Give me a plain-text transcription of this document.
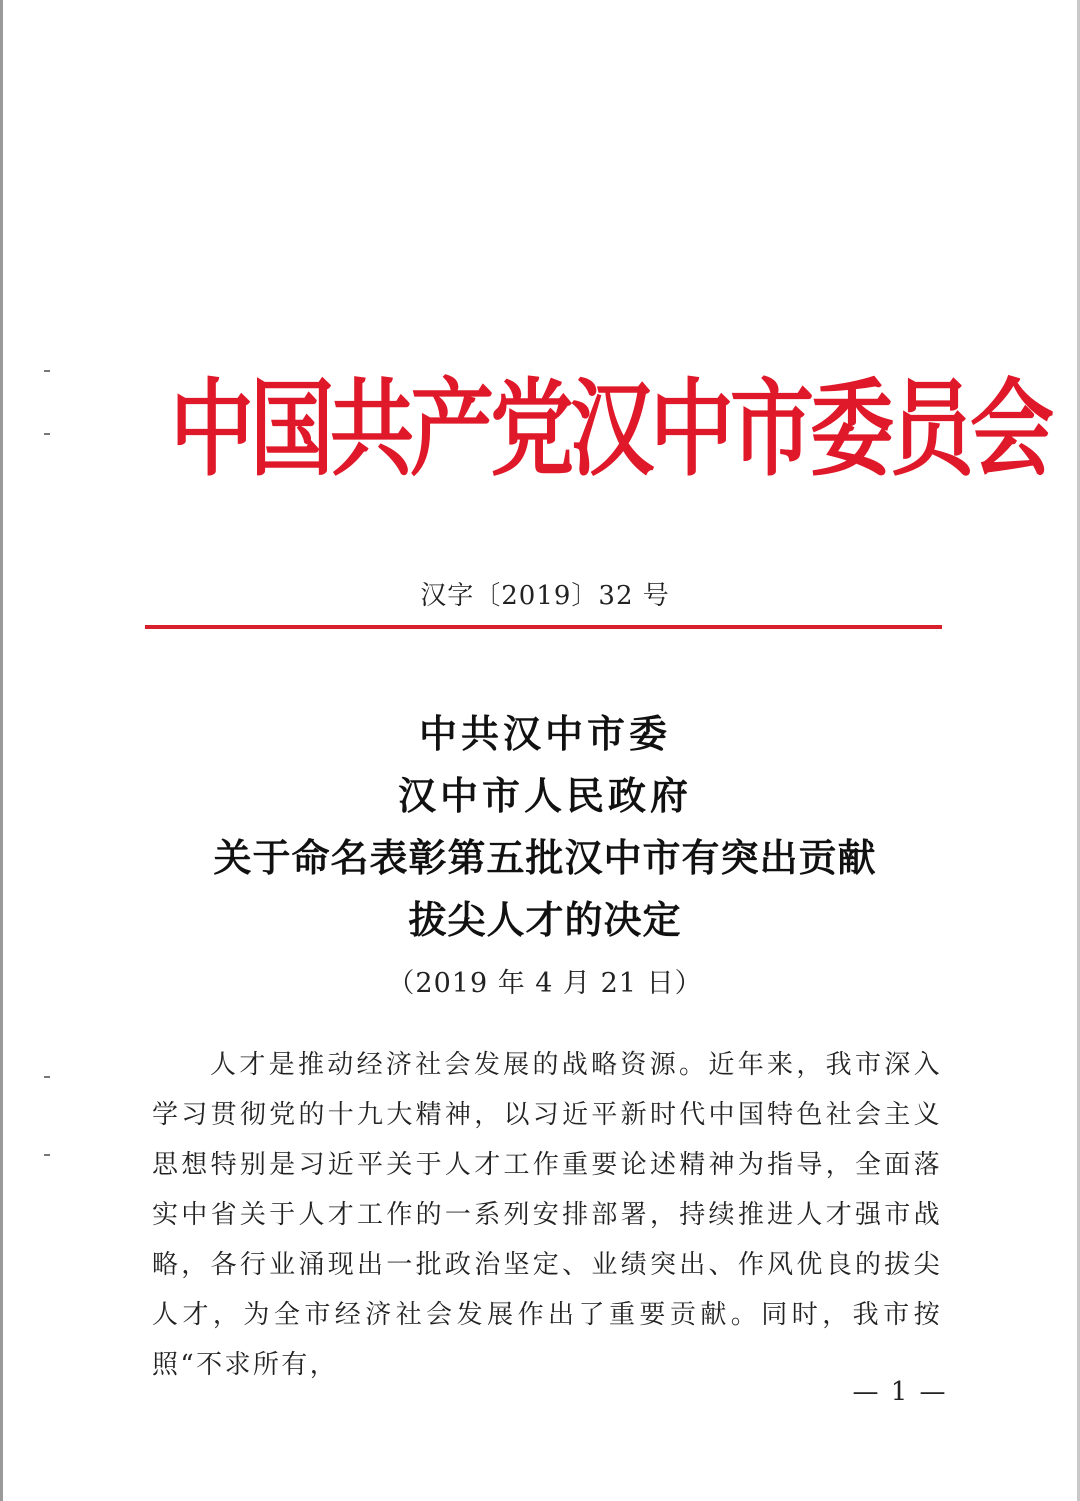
中国共产党汉中市委员会
汉字〔2019〕32 号
中共汉中市委
汉中市人民政府
关于命名表彰第五批汉中市有突出贡献
拔尖人才的决定
（2019 年 4 月 21 日）

人才是推动经济社会发展的战略资源。近年来，我市深入学习贯彻党的十九大精神，以习近平新时代中国特色社会主义思想特别是习近平关于人才工作重要论述精神为指导，全面落实中省关于人才工作的一系列安排部署，持续推进人才强市战略，各行业涌现出一批政治坚定、业绩突出、作风优良的拔尖人才，为全市经济社会发展作出了重要贡献。同时，我市按照“不求所有，

— 1 —
